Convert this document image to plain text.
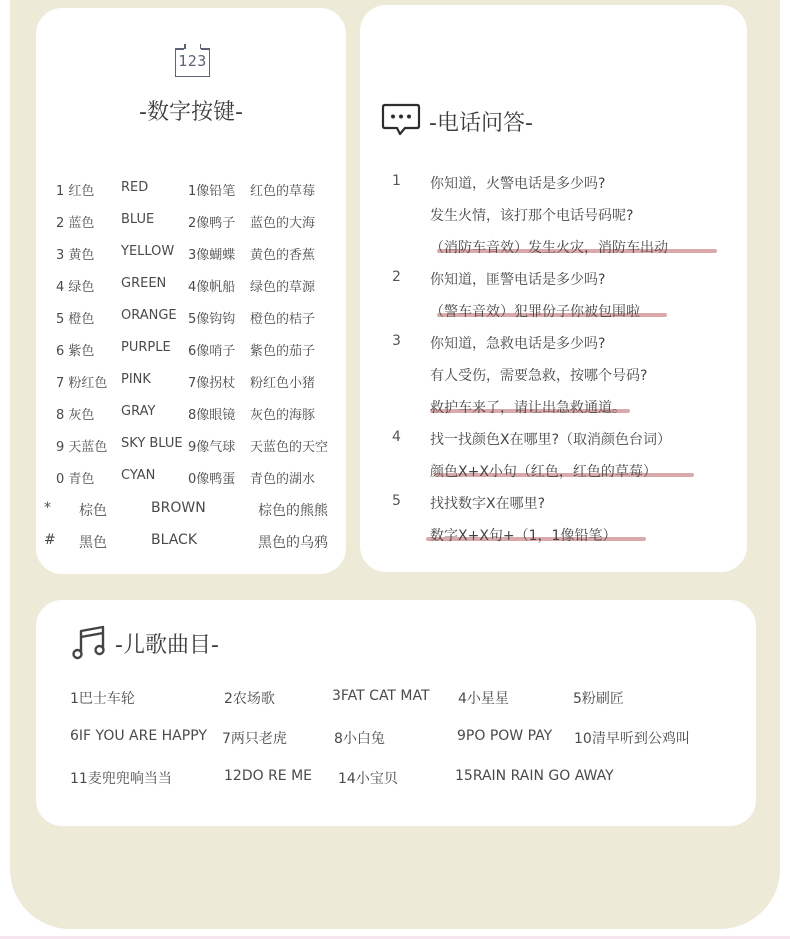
123
-数字按键-
1 红色 RED	1像铅笔 红色的草莓
2 蓝色 BLUE	2像鸭子 蓝色的大海
3 黄色 YELLOW 3像蝴蝶 黄色的香蕉
4 绿色 GREEN 4像帆船 绿色的草源
5 橙色 ORANGE 5像钩钩 橙色的桔子
6 紫色 PURPLE 6像哨子 紫色的茄子
7 粉红色 PINK	7像拐杖 粉红色小猪
8 灰色 GRAY	8像眼镜 灰色的海豚
9 天蓝色 SKY BLUE 9像气球 天蓝色的天空
0 青色 CYAN	0像鸭蛋 青色的湖水
* 棕色	BROWN	棕色的熊熊
# 黑色	BLACK	黑色的乌鸦
-电话问答-
1 你知道，火警电话是多少吗?
发生火情，该打那个电话号码呢?
（消防车音效）发生火灾，消防车出动
2 你知道，匪警电话是多少吗?
（警车音效）犯罪份子你被包围啦
3 你知道，急救电话是多少吗?
有人受伤，需要急救，按哪个号码?
救护车来了，请让出急救通道。
4 找一找颜色X在哪里?（取消颜色台词）
颜色X+X小句（红色，红色的草莓）
5 找找数字X在哪里?
数字X+X句+（1，1像铅笔）
-儿歌曲目-
1巴士车轮	2农场歌	3FAT CAT MAT 4小星星	5粉刷匠
6IF YOU ARE HAPPY 7两只老虎	8小白兔	9PO POW PAY 10清早听到公鸡叫
11麦兜兜响当当	12DO RE ME 14小宝贝	15RAIN RAIN GO AWAY
